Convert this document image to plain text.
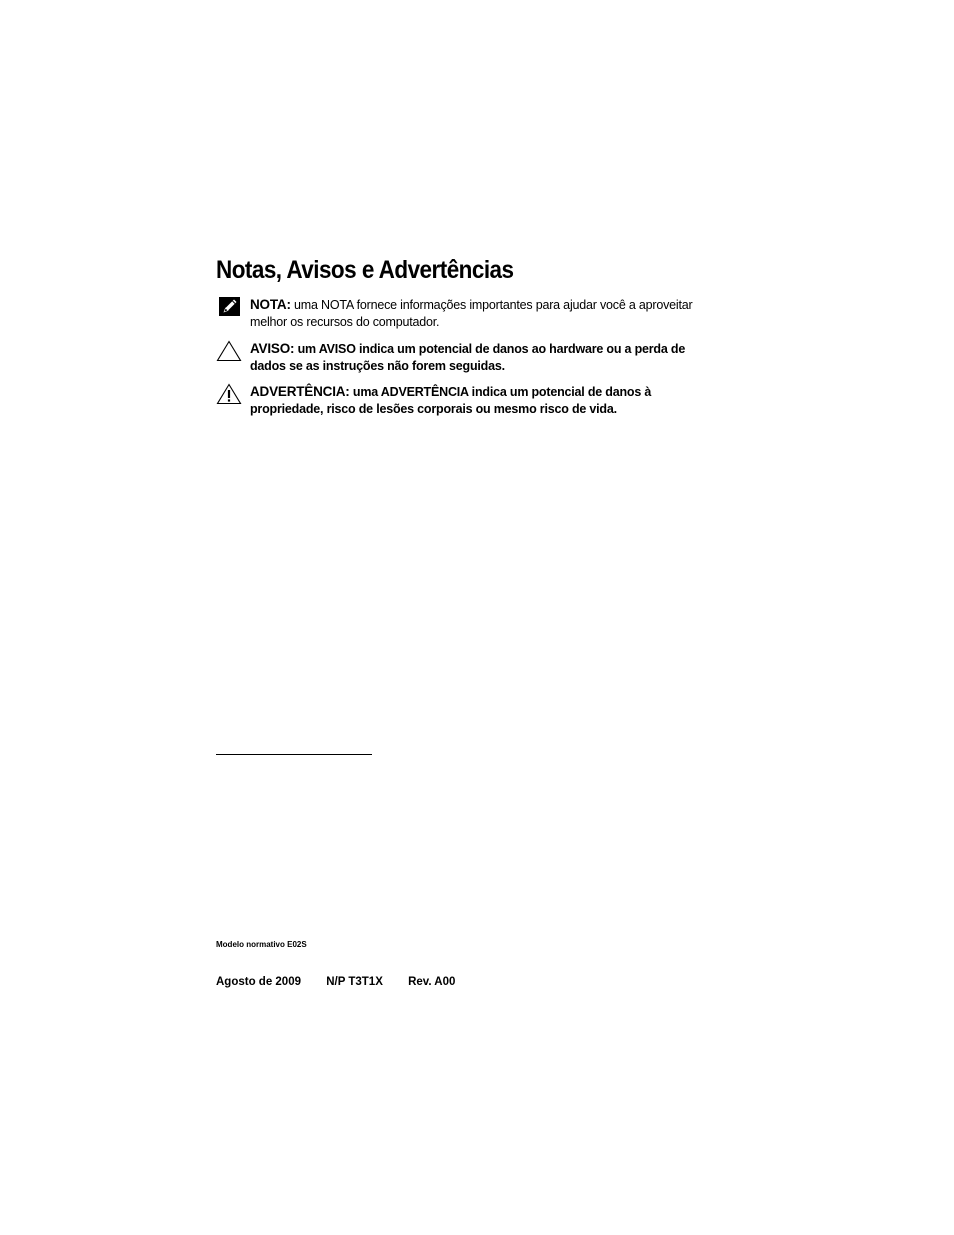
Notas, Avisos e Advertências
NOTA: uma NOTA fornece informações importantes para ajudar você a aproveitar melhor os recursos do computador.
AVISO: um AVISO indica um potencial de danos ao hardware ou a perda de dados se as instruções não forem seguidas.
ADVERTÊNCIA: uma ADVERTÊNCIA indica um potencial de danos à propriedade, risco de lesões corporais ou mesmo risco de vida.
Modelo normativo E02S
Agosto de 2009 N/P T3T1X Rev. A00
